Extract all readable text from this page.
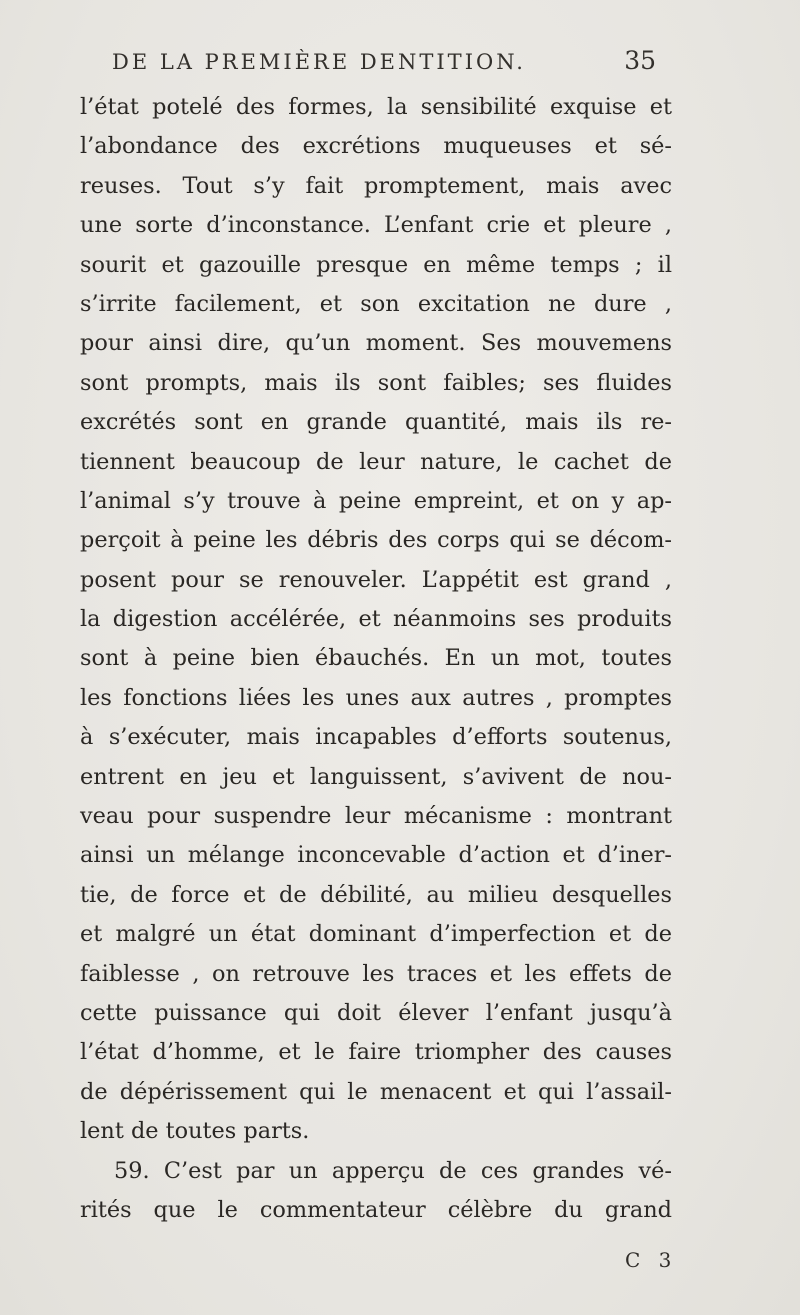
DE LA PREMIÈRE DENTITION.	35
l’état potelé des formes, la sensibilité exquise et
l’abondance des excrétions muqueuses et sé-
reuses. Tout s’y fait promptement, mais avec
une sorte d’inconstance. L’enfant crie et pleure ,
sourit et gazouille presque en même temps ; il
s’irrite facilement, et son excitation ne dure ,
pour ainsi dire, qu’un moment. Ses mouvemens
sont prompts, mais ils sont faibles; ses fluides
excrétés sont en grande quantité, mais ils re-
tiennent beaucoup de leur nature, le cachet de
l’animal s’y trouve à peine empreint, et on y ap-
perçoit à peine les débris des corps qui se décom-
posent pour se renouveler. L’appétit est grand ,
la digestion accélérée, et néanmoins ses produits
sont à peine bien ébauchés. En un mot, toutes
les fonctions liées les unes aux autres , promptes
à s’exécuter, mais incapables d’efforts soutenus,
entrent en jeu et languissent, s’avivent de nou-
veau pour suspendre leur mécanisme : montrant
ainsi un mélange inconcevable d’action et d’iner-
tie, de force et de débilité, au milieu desquelles
et malgré un état dominant d’imperfection et de
faiblesse , on retrouve les traces et les effets de
cette puissance qui doit élever l’enfant jusqu’à
l’état d’homme, et le faire triompher des causes
de dépérissement qui le menacent et qui l’assail-
lent de toutes parts.
59. C’est par un apperçu de ces grandes vé-
rités que le commentateur célèbre du grand
C 3
